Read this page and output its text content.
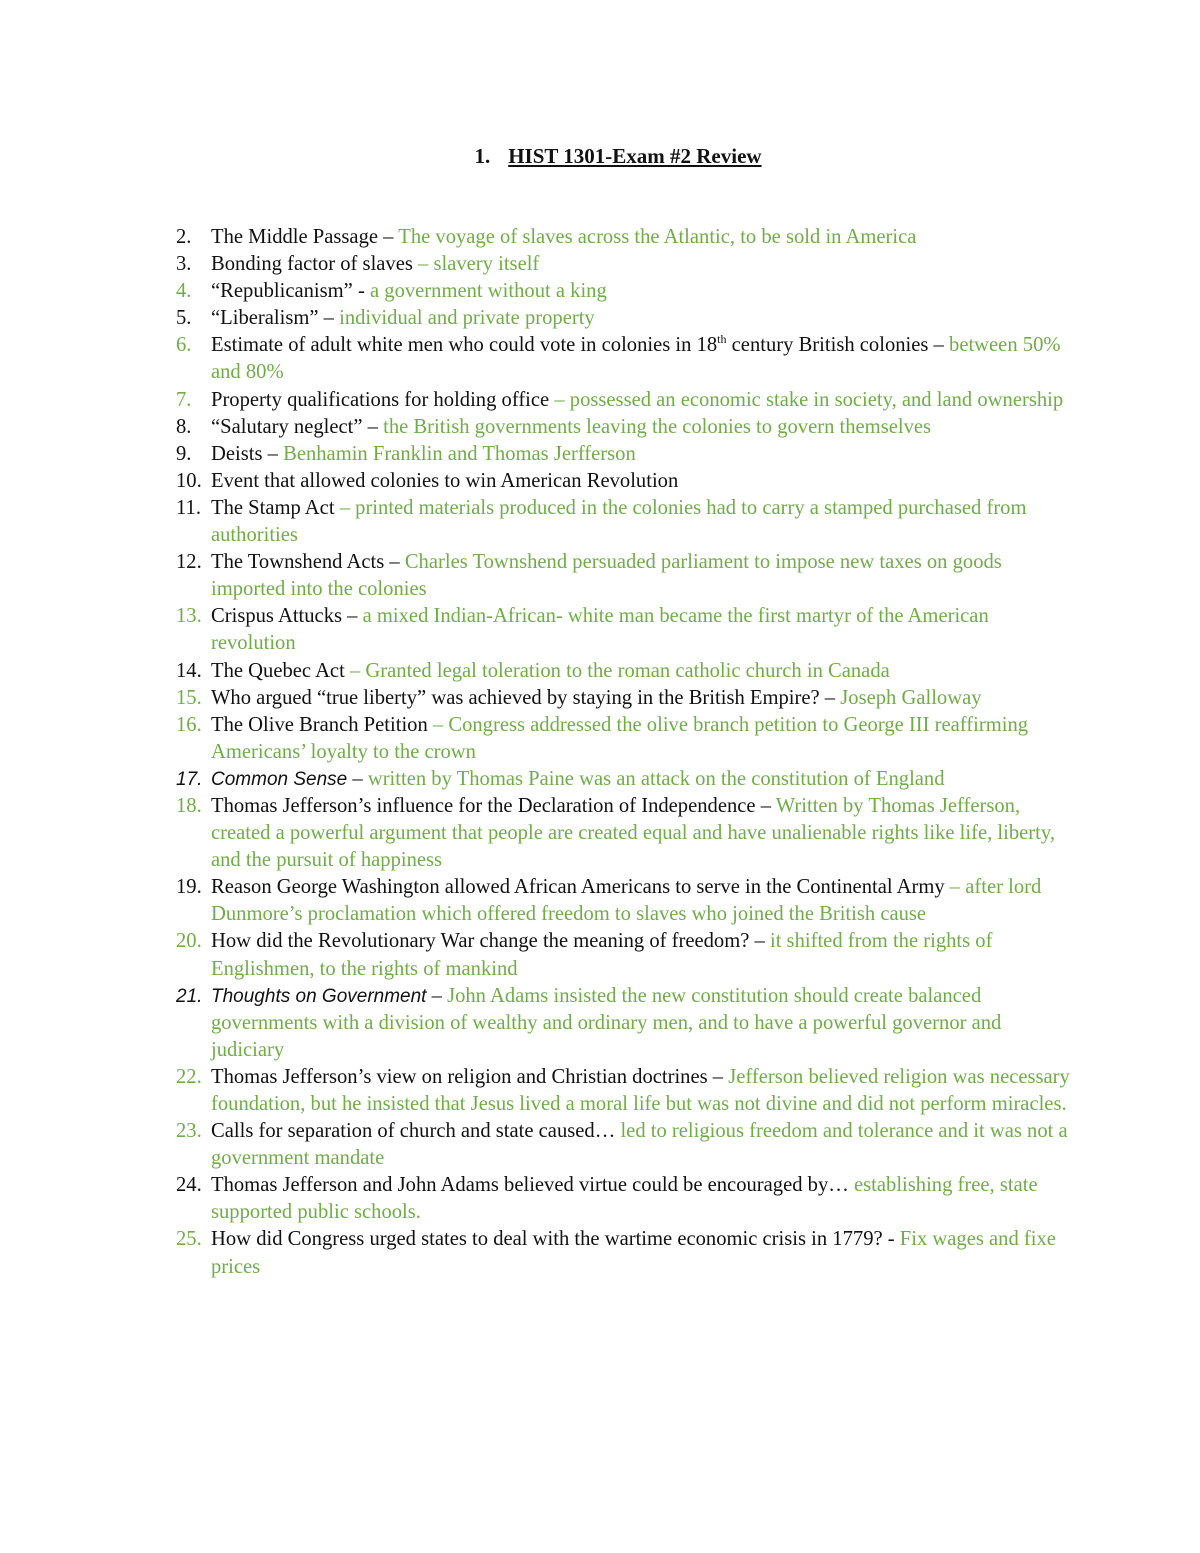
1. HIST 1301-Exam #2 Review
2. The Middle Passage – The voyage of slaves across the Atlantic, to be sold in America
3. Bonding factor of slaves – slavery itself
4. “Republicanism” - a government without a king
5. “Liberalism” – individual and private property
6. Estimate of adult white men who could vote in colonies in 18th century British colonies – between 50% and 80%
7. Property qualifications for holding office – possessed an economic stake in society, and land ownership
8. “Salutary neglect” – the British governments leaving the colonies to govern themselves
9. Deists – Benhamin Franklin and Thomas Jerfferson
10. Event that allowed colonies to win American Revolution
11. The Stamp Act – printed materials produced in the colonies had to carry a stamped purchased from authorities
12. The Townshend Acts – Charles Townshend persuaded parliament to impose new taxes on goods imported into the colonies
13. Crispus Attucks – a mixed Indian-African- white man became the first martyr of the American revolution
14. The Quebec Act – Granted legal toleration to the roman catholic church in Canada
15. Who argued “true liberty” was achieved by staying in the British Empire? – Joseph Galloway
16. The Olive Branch Petition – Congress addressed the olive branch petition to George III reaffirming Americans’ loyalty to the crown
17. Common Sense – written by Thomas Paine was an attack on the constitution of England
18. Thomas Jefferson’s influence for the Declaration of Independence – Written by Thomas Jefferson, created a powerful argument that people are created equal and have unalienable rights like life, liberty, and the pursuit of happiness
19. Reason George Washington allowed African Americans to serve in the Continental Army – after lord Dunmore’s proclamation which offered freedom to slaves who joined the British cause
20. How did the Revolutionary War change the meaning of freedom? – it shifted from the rights of Englishmen, to the rights of mankind
21. Thoughts on Government – John Adams insisted the new constitution should create balanced governments with a division of wealthy and ordinary men, and to have a powerful governor and judiciary
22. Thomas Jefferson’s view on religion and Christian doctrines – Jefferson believed religion was necessary foundation, but he insisted that Jesus lived a moral life but was not divine and did not perform miracles.
23. Calls for separation of church and state caused… led to religious freedom and tolerance and it was not a government mandate
24. Thomas Jefferson and John Adams believed virtue could be encouraged by… establishing free, state supported public schools.
25. How did Congress urged states to deal with the wartime economic crisis in 1779? - Fix wages and fixe prices
